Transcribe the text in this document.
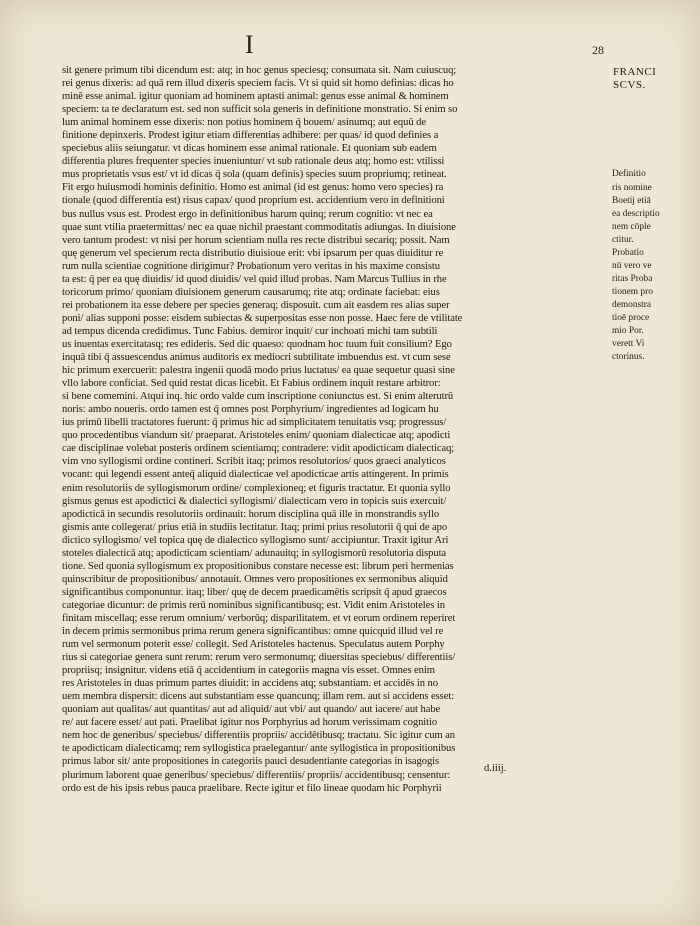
I	28
FRANCI
SCVS.
sit genere primum tibi dicendum est: atq; in hoc genus speciesq; consumata sit. Nam cuiuscuq;
rei genus dixeris: ad quā rem illud dixeris speciem facis. Vt si quid sit homo definias: dicas ho
minē esse animal. igitur quoniam ad hominem aptasti animal: genus esse animal & hominem
speciem: ta te declaratum est. sed non sufficit sola generis in definitione monstratio. Si enim so
lum animal hominem esse dixeris: non potius hominem q̄ bouem/ asinumq; aut equū de
finitione depinxeris. Prodest igitur etiam differentias adhibere: per quas/ id quod definies a
speciebus aliis seiungatur. vt dicas hominem esse animal rationale. Et quoniam sub eadem
differentia plures frequenter species inueniuntur/ vt sub rationale deus atq; homo est: vtilissi
mus proprietatis vsus est/ vt id dicas q̄ sola (quam definis) species suum propriumq; retineat.
Fit ergo huiusmodi hominis definitio. Homo est animal (id est genus: homo vero species) ra
tionale (quod differentia est) risus capax/ quod proprium est. accidentium vero in definitioni
bus nullus vsus est. Prodest ergo in definitionibus harum quinq; rerum cognitio: vt nec ea
quae sunt vtilia praetermittas/ nec ea quae nichil praestant commoditatis adiungas. In diuisione
vero tantum prodest: vt nisi per horum scientiam nulla res recte distribui secariq; possit. Nam
quę generum vel specierum recta distributio diuisioue erit: vbi ipsarum per quas diuiditur re
rum nulla scientiae cognitione dirigimur? Probationum vero veritas in his maxime consistu
ta est: q̄ per ea quę diuidis/ id quod diuidis/ vel quid illud probas. Nam Marcus Tullius in rhe
toricorum primo/ quoniam diuisionem generum causarumq; rite atq; ordinate faciebat: eius
rei probationem ita esse debere per species generaq; disposuit. cum ait easdem res alias super
poni/ alias supponi posse: eisdem subiectas & superpositas esse non posse. Haec fere de vtilitate
ad tempus dicenda credidimus. Tunc Fabius. demiror inquit/ cur inchoati michi tam subtili
us inuentas exercitatasq; res edideris. Sed dic quaeso: quodnam hoc tuum fuit consilium? Ego
inquā tibi q̄ assuescendus animus auditoris ex mediocri subtilitate imbuendus est. vt cum sese
hic primum exercuerit: palestra ingenii quodā modo prius luctatus/ ea quae sequetur quasi sine
vllo labore conficiat. Sed quid restat dicas licebit. Et Fabius ordinem inquit restare arbitror:
si bene comemini. Atqui inq. hic ordo valde cum inscriptione coniunctus est. Si enim alterutrū
noris: ambo noueris. ordo tamen est q̄ omnes post Porphyrium/ ingredientes ad logicam hu
ius primū libelli tractatores fuerunt: q̄ primus hic ad simplicitatem tenuitatis vsq; progressus/
quo procedentibus viandum sit/ praeparat. Aristoteles enim/ quoniam dialecticae atq; apodicti
cae disciplinae volebat posteris ordinem scientiamq; contradere: vidit apodicticam dialecticaq;
vim vno syllogismi ordine contineri. Scribit itaq; primos resolutorios/ quos graeci analyticos
vocant: qui legendi essent anteq̄ aliquid dialecticae vel apodicticae artis attingerent. In primis
enim resolutoriis de syllogismorum ordine/ complexioneq; et figuris tractatur. Et quonia syllo
gismus genus est apodictici & dialectici syllogismi/ dialecticam vero in topicis suis exercuit/
apodicticā in secundis resolutoriis ordinauit: horum disciplina quā ille in monstrandis syllo
gismis ante collegerat/ prius etiā in studiis lectitatur. Itaq; primi prius resolutorii q̄ qui de apo
dictico syllogismo/ vel topica quę de dialectico syllogismo sunt/ accipiuntur. Traxit igitur Ari
stoteles dialecticā atq; apodicticam scientiam/ adunauitq; in syllogismorū resolutoria disputa
tione. Sed quonia syllogismum ex propositionibus constare necesse est: librum peri hermenias
quinscribitur de propositionibus/ annotauit. Omnes vero propositiones ex sermonibus aliquid
significantibus componuntur. itaq; liber/ quę de decem praedicamētis scripsit q̄ apud graecos
categoriae dicuntur: de primis rerū nominibus significantibusq; est. Vidit enim Aristoteles in
finitam miscellaq; esse rerum omnium/ verborūq; disparilitatem. et vt eorum ordinem reperiret
in decem primis sermonibus prima rerum genera significantibus: omne quicquid illud vel re
rum vel sermonum poterit esse/ collegit. Sed Aristoteles hactenus. Speculatus autem Porphy
rius si categoriae genera sunt rerum: rerum vero sermonumq; diuersitas speciebus/ differentiis/
propriisq; insignitur. videns etiā q̄ accidentium in categoriis magna vis esset. Omnes enim
res Aristoteles in duas primum partes diuidit: in accidens atq; substantiam. et accidēs in no
uem membra dispersit: dicens aut substantiam esse quancunq; illam rem. aut si accidens esset:
quoniam aut qualitas/ aut quantitas/ aut ad aliquid/ aut vbi/ aut quando/ aut iacere/ aut habe
re/ aut facere esset/ aut pati. Praelibat igitur nos Porphyrius ad horum verissimam cognitio
nem hoc de generibus/ speciebus/ differentiis propriis/ accidētibusq; tractatu. Sic igitur cum an
te apodicticam dialecticamq; rem syllogistica praelegantur/ ante syllogistica in propositionibus
primus labor sit/ ante propositiones in categoriis pauci desudentiante categorias in isagogis
plurimum laborent quae generibus/ speciebus/ differentiis/ propriis/ accidentibusq; censentur:
ordo est de his ipsis rebus pauca praelibare. Recte igitur et filo lineae quodam hic Porphyrii
Definitio
ris nomine
Boetij etiā
ea descriptio
nem cōple
ctitur.
Probatio
nū vero ve
ritas Proba
tionem pro
demonstra
tioē proce
mio Por.
verett Vi
ctorinus.
d.iiij.
